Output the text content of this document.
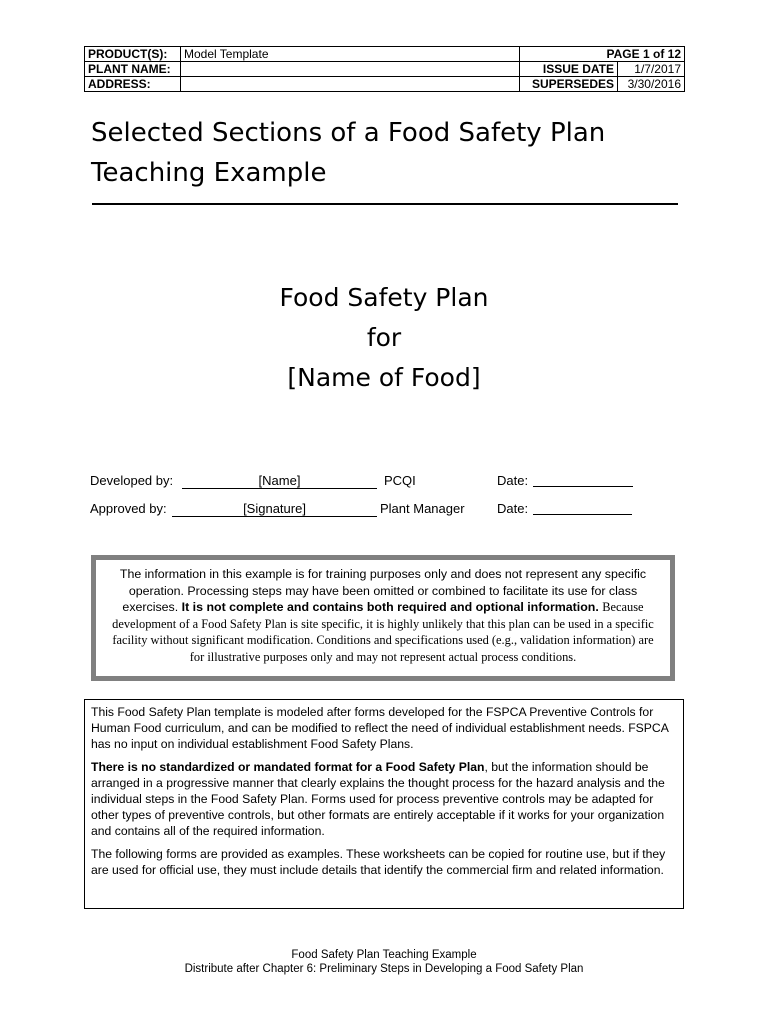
PRODUCT(S):	Model Template	PAGE 1 of 12	
PLANT NAME:		ISSUE DATE	1/7/2017
ADDRESS:		SUPERSEDES	3/30/2016
Selected Sections of a Food Safety Plan
Teaching Example
Food Safety Plan
for
[Name of Food]
Developed by:	[Name]	PCQI	Date:
Approved by:	[Signature]	Plant Manager Date:
The information in this example is for training purposes only and does not represent any specific operation. Processing steps may have been omitted or combined to facilitate its use for class exercises. It is not complete and contains both required and optional information. Because development of a Food Safety Plan is site specific, it is highly unlikely that this plan can be used in a specific facility without significant modification. Conditions and specifications used (e.g., validation information) are for illustrative purposes only and may not represent actual process conditions.

This Food Safety Plan template is modeled after forms developed for the FSPCA Preventive Controls for Human Food curriculum, and can be modified to reflect the need of individual establishment needs. FSPCA has no input on individual establishment Food Safety Plans.

There is no standardized or mandated format for a Food Safety Plan, but the information should be arranged in a progressive manner that clearly explains the thought process for the hazard analysis and the individual steps in the Food Safety Plan. Forms used for process preventive controls may be adapted for other types of preventive controls, but other formats are entirely acceptable if it works for your organization and contains all of the required information.

The following forms are provided as examples. These worksheets can be copied for routine use, but if they are used for official use, they must include details that identify the commercial firm and related information.

Food Safety Plan Teaching Example
Distribute after Chapter 6: Preliminary Steps in Developing a Food Safety Plan
